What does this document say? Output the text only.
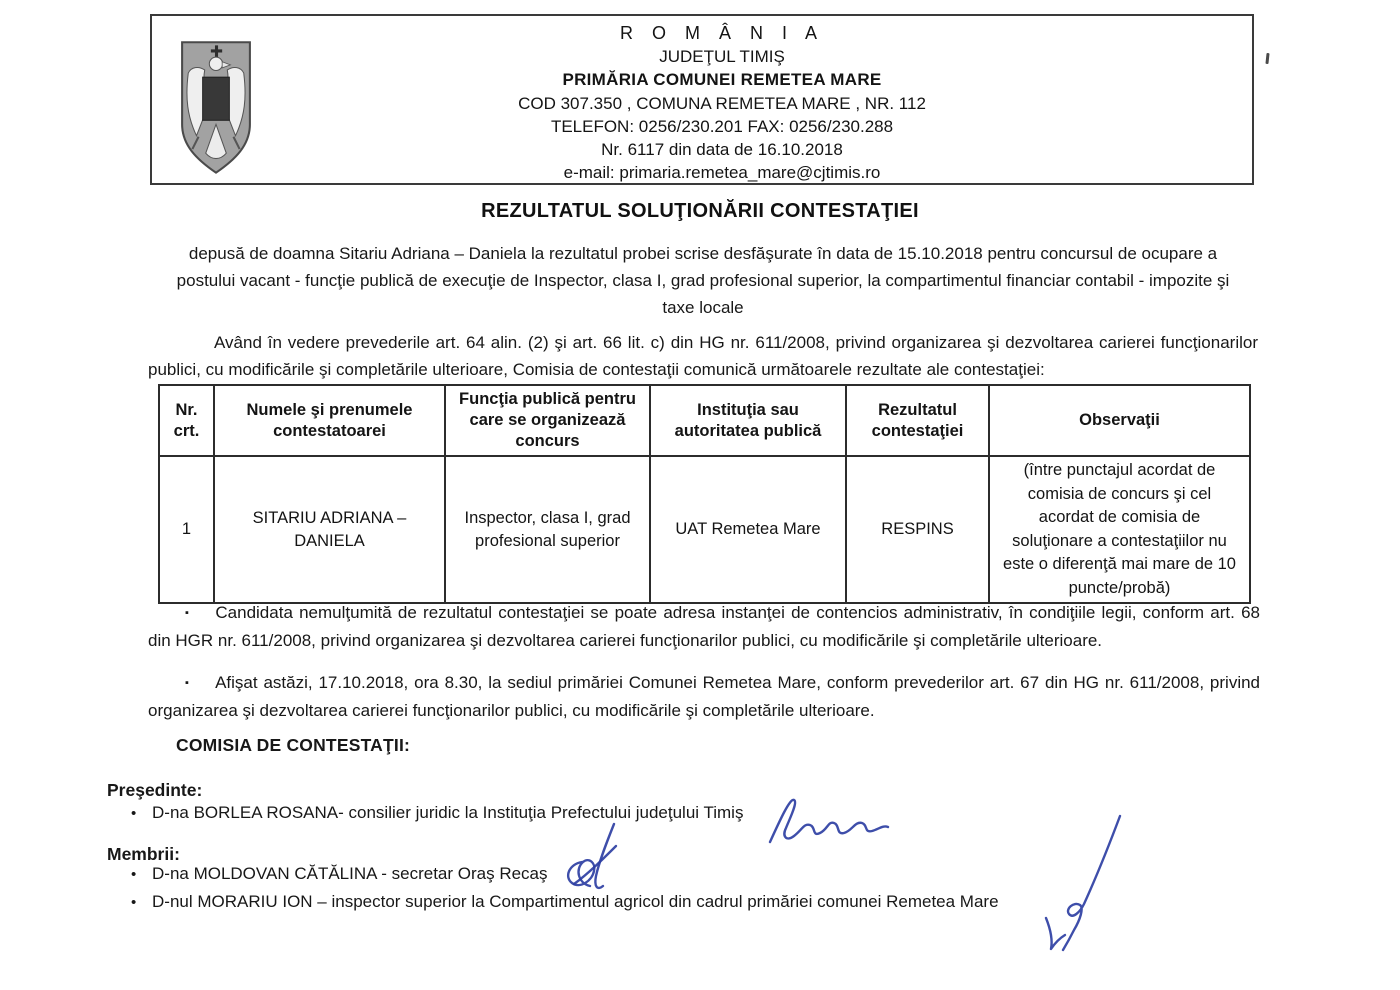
R O M Â N I A
JUDEŢUL TIMIŞ
PRIMĂRIA COMUNEI REMETEA MARE
COD 307.350 , COMUNA REMETEA MARE , NR. 112
TELEFON: 0256/230.201 FAX: 0256/230.288
Nr. 6117 din data de 16.10.2018
e-mail: primaria.remetea_mare@cjtimis.ro
REZULTATUL SOLUŢIONĂRII CONTESTAŢIEI
depusă de doamna Sitariu Adriana – Daniela la rezultatul probei scrise desfăşurate în data de 15.10.2018 pentru concursul de ocupare a postului vacant - funcţie publică de execuţie de Inspector, clasa I, grad profesional superior, la compartimentul financiar contabil - impozite şi taxe locale
Având în vedere prevederile art. 64 alin. (2) şi art. 66 lit. c) din HG nr. 611/2008, privind organizarea şi dezvoltarea carierei funcţionarilor publici, cu modificările şi completările ulterioare, Comisia de contestaţii comunică următoarele rezultate ale contestaţiei:
Nr. crt.	Numele şi prenumele contestatoarei	Funcţia publică pentru care se organizează concurs	Instituţia sau autoritatea publică	Rezultatul contestaţiei	Observaţii
1	SITARIU ADRIANA – DANIELA	Inspector, clasa I, grad profesional superior	UAT Remetea Mare	RESPINS	(între punctajul acordat de comisia de concurs şi cel acordat de comisia de soluţionare a contestaţiilor nu este o diferenţă mai mare de 10 puncte/probă)
▪ Candidata nemulţumită de rezultatul contestaţiei se poate adresa instanţei de contencios administrativ, în condiţiile legii, conform art. 68 din HGR nr. 611/2008, privind organizarea şi dezvoltarea carierei funcţionarilor publici, cu modificările şi completările ulterioare.
▪ Afişat astăzi, 17.10.2018, ora 8.30, la sediul primăriei Comunei Remetea Mare, conform prevederilor art. 67 din HG nr. 611/2008, privind organizarea şi dezvoltarea carierei funcţionarilor publici, cu modificările şi completările ulterioare.
COMISIA DE CONTESTAŢII:
Preşedinte:
• D-na BORLEA ROSANA- consilier juridic la Instituţia Prefectului judeţului Timiş
Membrii:
• D-na MOLDOVAN CĂTĂLINA - secretar Oraş Recaş
• D-nul MORARIU ION – inspector superior la Compartimentul agricol din cadrul primăriei comunei Remetea Mare
